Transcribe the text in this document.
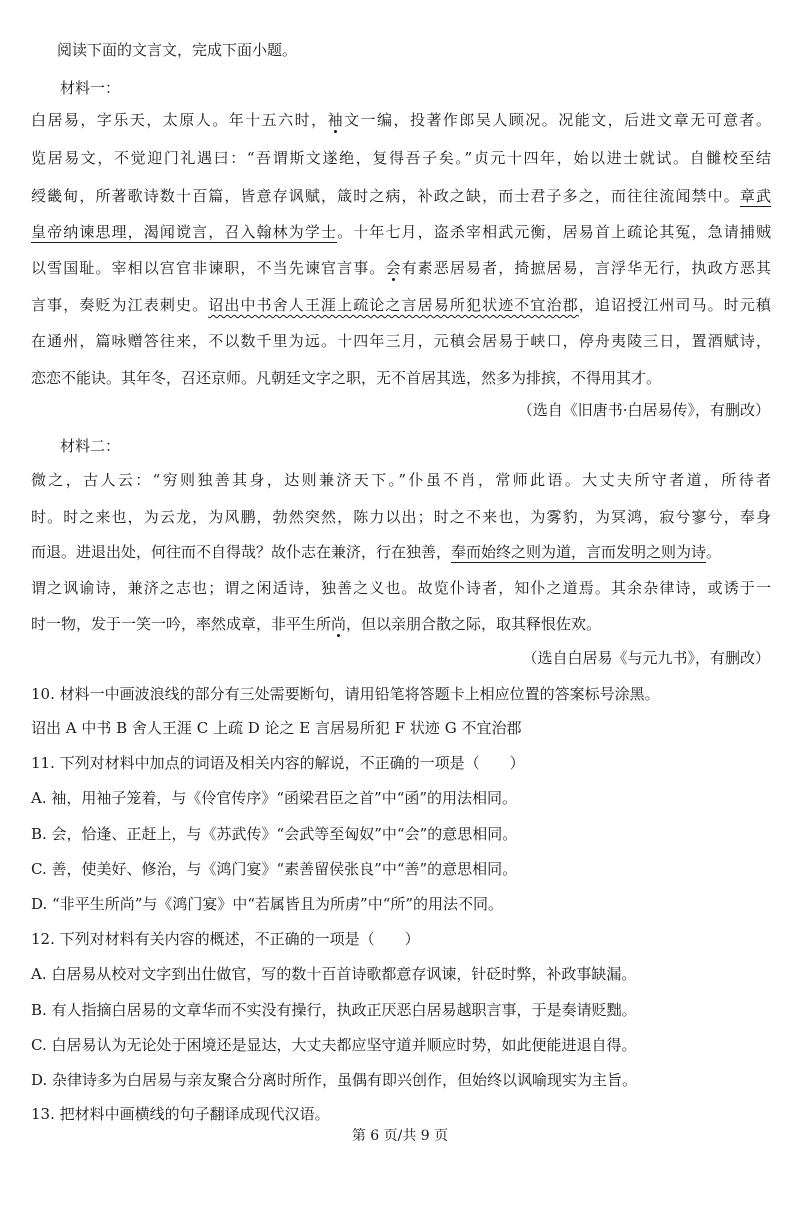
阅读下面的文言文，完成下面小题。

材料一：

白居易，字乐天，太原人。年十五六时，袖文一编，投著作郎吴人顾况。况能文，后进文章无可意者。

览居易文，不觉迎门礼遇曰：“吾谓斯文遂绝，复得吾子矣。”贞元十四年，始以进士就试。自雠校至结

绶畿甸，所著歌诗数十百篇，皆意存讽赋，箴时之病，补政之缺，而士君子多之，而往往流闻禁中。章武

皇帝纳谏思理，渴闻谠言，召入翰林为学士。十年七月，盗杀宰相武元衡，居易首上疏论其冤，急请捕贼

以雪国耻。宰相以宫官非谏职，不当先谏官言事。会有素恶居易者，掎摭居易，言浮华无行，执政方恶其

言事，奏贬为江表刺史。诏出中书舍人王涯上疏论之言居易所犯状迹不宜治郡，追诏授江州司马。时元稹

在通州，篇咏赠答往来，不以数千里为远。十四年三月，元稹会居易于峡口，停舟夷陵三日，置酒赋诗，

恋恋不能诀。其年冬，召还京师。凡朝廷文字之职，无不首居其选，然多为排摈，不得用其才。

（选自《旧唐书·白居易传》，有删改）

材料二：

微之，古人云：“穷则独善其身，达则兼济天下。”仆虽不肖，常师此语。大丈夫所守者道，所待者

时。时之来也，为云龙，为风鹏，勃然突然，陈力以出；时之不来也，为雾豹，为冥鸿，寂兮寥兮，奉身

而退。进退出处，何往而不自得哉？故仆志在兼济，行在独善，奉而始终之则为道，言而发明之则为诗。

谓之讽谕诗，兼济之志也；谓之闲适诗，独善之义也。故览仆诗者，知仆之道焉。其余杂律诗，或诱于一

时一物，发于一笑一吟，率然成章，非平生所尚，但以亲朋合散之际，取其释恨佐欢。

（选自白居易《与元九书》，有删改）

10. 材料一中画波浪线的部分有三处需要断句，请用铅笔将答题卡上相应位置的答案标号涂黑。

诏出 A 中书 B 舍人王涯 C 上疏 D 论之 E 言居易所犯 F 状迹 G 不宜治郡

11. 下列对材料中加点的词语及相关内容的解说，不正确的一项是（　　）

A. 袖，用袖子笼着，与《伶官传序》“函梁君臣之首”中“函”的用法相同。

B. 会，恰逢、正赶上，与《苏武传》“会武等至匈奴”中“会”的意思相同。

C. 善，使美好、修治，与《鸿门宴》“素善留侯张良”中“善”的意思相同。

D. “非平生所尚”与《鸿门宴》中“若属皆且为所虏”中“所”的用法不同。

12. 下列对材料有关内容的概述，不正确的一项是（　　）

A. 白居易从校对文字到出仕做官，写的数十百首诗歌都意存讽谏，针砭时弊，补政事缺漏。

B. 有人指摘白居易的文章华而不实没有操行，执政正厌恶白居易越职言事，于是奏请贬黜。

C. 白居易认为无论处于困境还是显达，大丈夫都应坚守道并顺应时势，如此便能进退自得。

D. 杂律诗多为白居易与亲友聚合分离时所作，虽偶有即兴创作，但始终以讽喻现实为主旨。

13. 把材料中画横线的句子翻译成现代汉语。

第 6 页/共 9 页
